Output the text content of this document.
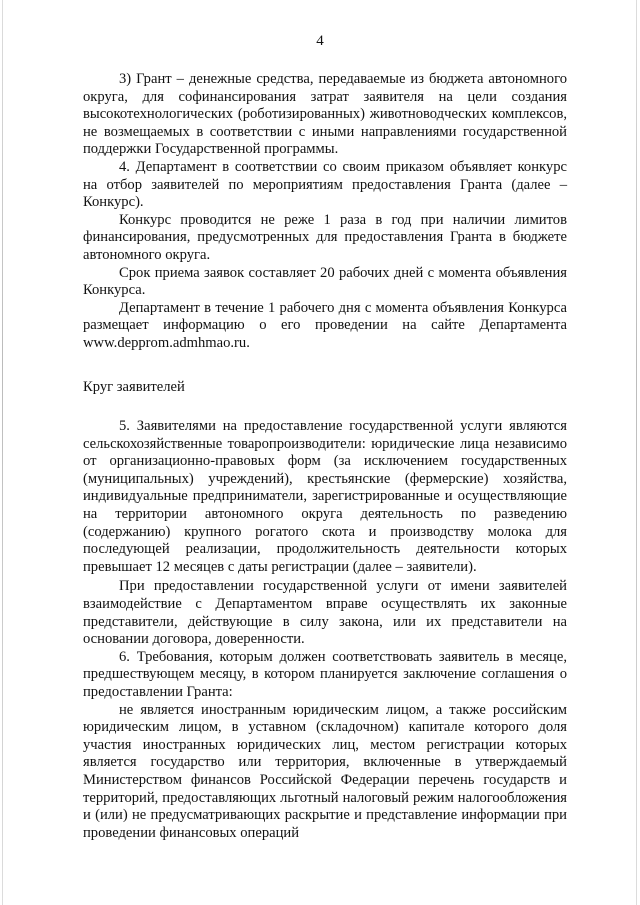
4

3) Грант – денежные средства, передаваемые из бюджета автономного округа, для софинансирования затрат заявителя на цели создания высокотехнологических (роботизированных) животноводческих комплексов, не возмещаемых в соответствии с иными направлениями государственной поддержки Государственной программы.

4. Департамент в соответствии со своим приказом объявляет конкурс на отбор заявителей по мероприятиям предоставления Гранта (далее – Конкурс).

Конкурс проводится не реже 1 раза в год при наличии лимитов финансирования, предусмотренных для предоставления Гранта в бюджете автономного округа.

Срок приема заявок составляет 20 рабочих дней с момента объявления Конкурса.

Департамент в течение 1 рабочего дня с момента объявления Конкурса размещает информацию о его проведении на сайте Департамента www.depprom.admhmao.ru.

Круг заявителей

5. Заявителями на предоставление государственной услуги являются сельскохозяйственные товаропроизводители: юридические лица независимо от организационно-правовых форм (за исключением государственных (муниципальных) учреждений), крестьянские (фермерские) хозяйства, индивидуальные предприниматели, зарегистрированные и осуществляющие на территории автономного округа деятельность по разведению (содержанию) крупного рогатого скота и производству молока для последующей реализации, продолжительность деятельности которых превышает 12 месяцев с даты регистрации (далее – заявители).

При предоставлении государственной услуги от имени заявителей взаимодействие с Департаментом вправе осуществлять их законные представители, действующие в силу закона, или их представители на основании договора, доверенности.

6. Требования, которым должен соответствовать заявитель в месяце, предшествующем месяцу, в котором планируется заключение соглашения о предоставлении Гранта:

не является иностранным юридическим лицом, а также российским юридическим лицом, в уставном (складочном) капитале которого доля участия иностранных юридических лиц, местом регистрации которых является государство или территория, включенные в утверждаемый Министерством финансов Российской Федерации перечень государств и территорий, предоставляющих льготный налоговый режим налогообложения и (или) не предусматривающих раскрытие и представление информации при проведении финансовых операций
